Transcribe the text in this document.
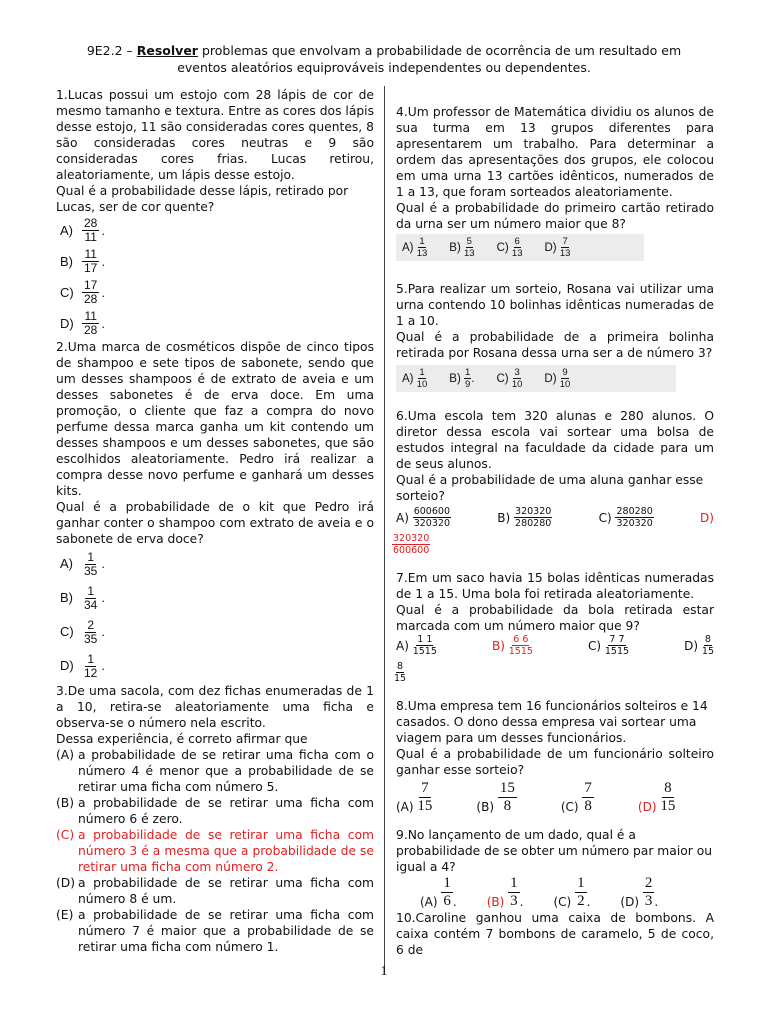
9E2.2 – Resolver problemas que envolvam a probabilidade de ocorrência de um resultado em
eventos aleatórios equiprováveis independentes ou dependentes.

1.Lucas possui um estojo com 28 lápis de cor de mesmo tamanho e textura. Entre as cores dos lápis desse estojo, 11 são consideradas cores quentes, 8 são consideradas cores neutras e 9 são consideradas cores frias. Lucas retirou, aleatoriamente, um lápis desse estojo.

Qual é a probabilidade desse lápis, retirado por Lucas, ser de cor quente?

$A) \frac{28}{11}$ .
$B) \frac{11}{17}$ .
$C) \frac{17}{28}$ .
$D) \frac{11}{28}$ .

2.Uma marca de cosméticos dispõe de cinco tipos de shampoo e sete tipos de sabonete, sendo que um desses shampoos é de extrato de aveia e um desses sabonetes é de erva doce. Em uma promoção, o cliente que faz a compra do novo perfume dessa marca ganha um kit contendo um desses shampoos e um desses sabonetes, que são escolhidos aleatoriamente. Pedro irá realizar a compra desse novo perfume e ganhará um desses kits.

Qual é a probabilidade de o kit que Pedro irá ganhar conter o shampoo com extrato de aveia e o sabonete de erva doce?

$A) \frac{1}{35}$ .
$B) \frac{1}{34}$ .
$C) \frac{2}{35}$ .
$D) \frac{1}{12}$ .

3.De uma sacola, com dez fichas enumeradas de 1 a 10, retira-se aleatoriamente uma ficha e observa-se o número nela escrito.

Dessa experiência, é correto afirmar que

(A) a probabilidade de se retirar uma ficha com o número 4 é menor que a probabilidade de se retirar uma ficha com número 5.
(B) a probabilidade de se retirar uma ficha com número 6 é zero.
(C) a probabilidade de se retirar uma ficha com número 3 é a mesma que a probabilidade de se retirar uma ficha com número 2.
(D) a probabilidade de se retirar uma ficha com número 8 é um.
(E) a probabilidade de se retirar uma ficha com número 7 é maior que a probabilidade de se retirar uma ficha com número 1.

4.Um professor de Matemática dividiu os alunos de sua turma em 13 grupos diferentes para apresentarem um trabalho. Para determinar a ordem das apresentações dos grupos, ele colocou em uma urna 13 cartões idênticos, numerados de 1 a 13, que foram sorteados aleatoriamente.

Qual é a probabilidade do primeiro cartão retirado da urna ser um número maior que 8?

A)
1
13 B)
5
13 C)
6
13 D)
7
13

5.Para realizar um sorteio, Rosana vai utilizar uma urna contendo 10 bolinhas idênticas numeradas de 1 a 10.

Qual é a probabilidade de a primeira bolinha retirada por Rosana dessa urna ser a de número 3?

A)
1
10 B)
1
9 . C)
3
10 D)
9
10

6.Uma escola tem 320 alunas e 280 alunos. O diretor dessa escola vai sortear uma bolsa de estudos integral na faculdade da cidade para um de seus alunos.

Qual é a probabilidade de uma aluna ganhar esse sorteio?

A)
600600
320320	B)
320320
280280	C)
280280
320320	D)
$\frac{320320}{600600}$

7.Em um saco havia 15 bolas idênticas numeradas de 1 a 15. Uma bola foi retirada aleatoriamente.

Qual é a probabilidade da bola retirada estar marcada com um número maior que 9?

A)
1 1
1515	B)
6 6
1515	C)
7 7
1515	D)
8
15
$\frac{8}{15}$

8.Uma empresa tem 16 funcionários solteiros e 14 casados. O dono dessa empresa vai sortear uma viagem para um desses funcionários.

Qual é a probabilidade de um funcionário solteiro ganhar esse sorteio?

(A)

7
15	(B)

15
8	(C)

7
8	(D)

8
15

9.No lançamento de um dado, qual é a probabilidade de se obter um número par maior ou igual a 4?

(A)

1
6 .	(B)

1
3 .	(C)

1
2 .	(D)

2
3 .

10.Caroline ganhou uma caixa de bombons. A caixa contém 7 bombons de caramelo, 5 de coco, 6 de

1
